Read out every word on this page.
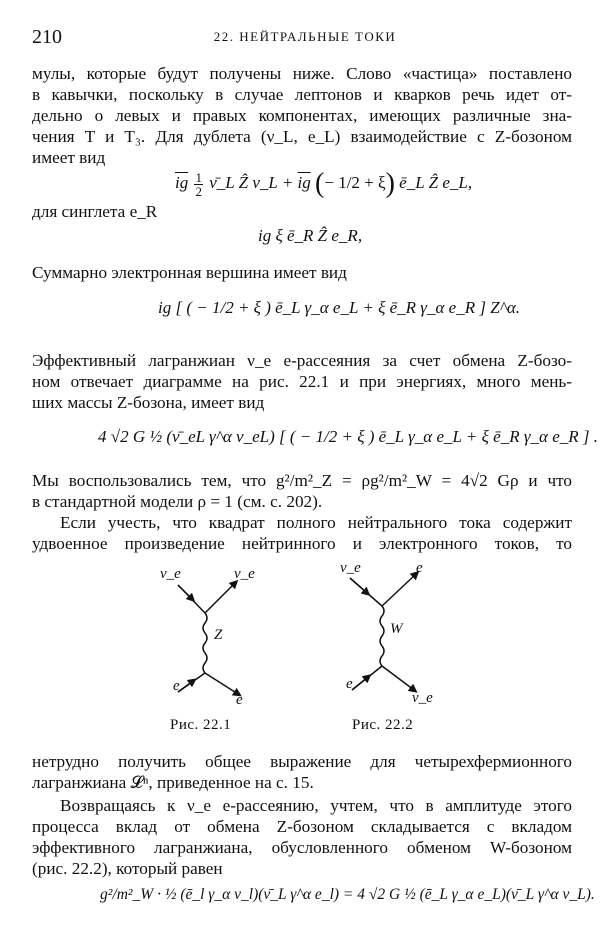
210	22. НЕЙТРАЛЬНЫЕ ТОКИ
мулы, которые будут получены ниже. Слово «частица» поставлено
в кавычки, поскольку в случае лептонов и кварков речь идет от-
дельно о левых и правых компонентах, имеющих различные зна-
чения T и T₃. Для дублета (ν_L, e_L) взаимодействие с Z-бозоном
имеет вид
$\overline{ig} \frac{1}{2}$ ν̄_L Ẑ ν_L + $\overline{ig}$ (− 1/2 + ξ) ē_L Ẑ e_L,
для синглета e_R
ig ξ ē_R Ẑ e_R,
Суммарно электронная вершина имеет вид
ig [ ( − 1/2 + ξ ) ē_L γ_α e_L + ξ ē_R γ_α e_R ] Z^α.
Эффективный лагранжиан ν_e e-рассеяния за счет обмена Z-бозо-
ном отвечает диаграмме на рис. 22.1 и при энергиях, много мень-
ших массы Z-бозона, имеет вид
4 √2 G ½ (ν̄_eL γ^α ν_eL) [ ( − 1/2 + ξ ) ē_L γ_α e_L + ξ ē_R γ_α e_R ] .
Мы воспользовались тем, что g²/m²_Z = ρg²/m²_W = 4√2 Gρ и что
в стандартной модели ρ = 1 (см. с. 202).
Если учесть, что квадрат полного нейтрального тока содержит
удвоенное произведение нейтринного и электронного токов, то
ν_e	ν_e
Z
e
e
Рис. 22.1
ν_e	e
W
e
ν_e
Рис. 22.2
нетрудно получить общее выражение для четырехфермионного
лагранжиана 𝓛ⁿ, приведенное на с. 15.
Возвращаясь к ν_e e-рассеянию, учтем, что в амплитуде этого
процесса вклад от обмена Z-бозоном складывается с вкладом
эффективного лагранжиана, обусловленного обменом W-бозоном
(рис. 22.2), который равен
g²/m²_W · ½ (ē_l γ_α ν_l)(ν̄_L γ^α e_l) = 4 √2 G ½ (ē_L γ_α e_L)(ν̄_L γ^α ν_L).
